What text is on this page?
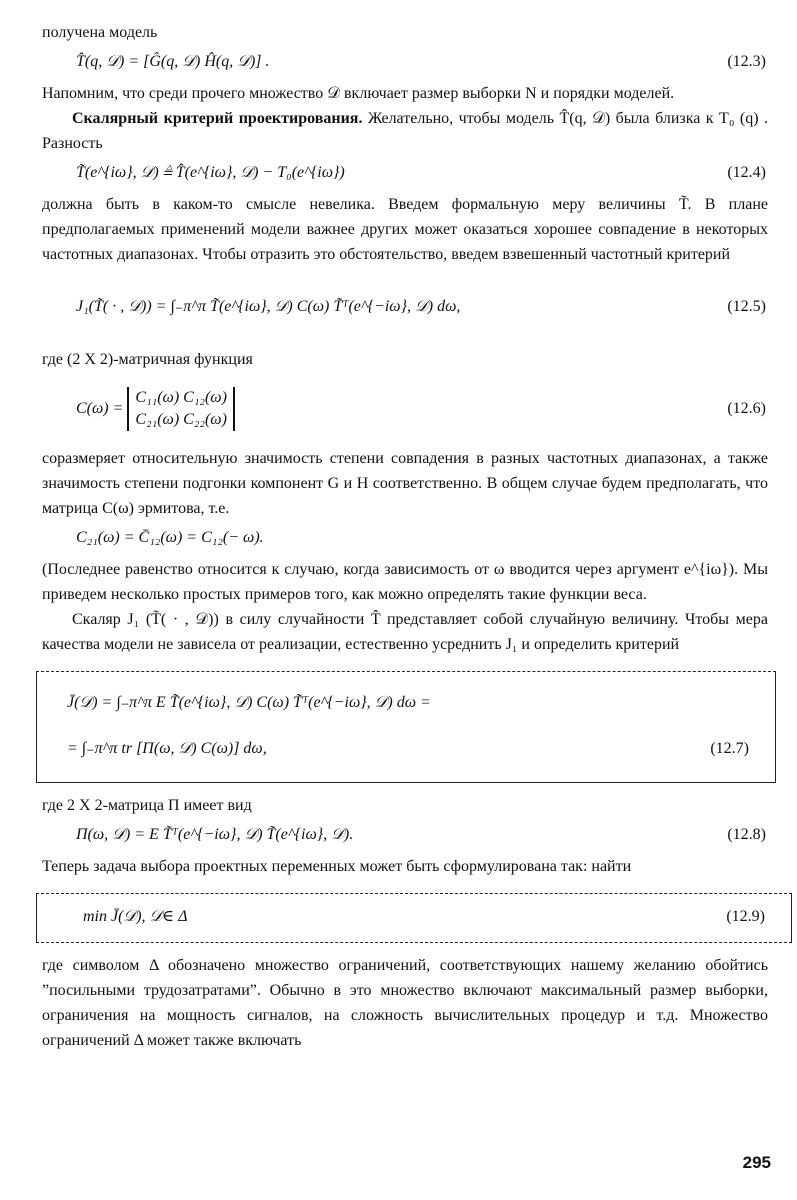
получена модель

T̂(q, 𝒟) = [Ĝ(q, 𝒟) Ĥ(q, 𝒟)] .	(12.3)

Напомним, что среди прочего множество 𝒟 включает размер выборки N и порядки моделей.

Скалярный критерий проектирования. Желательно, чтобы модель T̂(q, 𝒟) была близка к T₀ (q) . Разность

T̃(e^{iω}, 𝒟) ≜ T̂(e^{iω}, 𝒟) − T₀(e^{iω})	(12.4)

должна быть в каком-то смысле невелика. Введем формальную меру величины T̃. В плане предполагаемых применений модели важнее других может оказаться хорошее совпадение в некоторых частотных диапазонах. Чтобы отразить это обстоятельство, введем взвешенный частотный критерий

J₁(T̃( · , 𝒟)) = ∫₋π^π T̃(e^{iω}, 𝒟) C(ω) T̃ᵀ(e^{−iω}, 𝒟) dω,	(12.5)

где (2 X 2)-матричная функция

C(ω) =
C₁₁(ω) C₁₂(ω)
C₂₁(ω) C₂₂(ω)
(12.6)

соразмеряет относительную значимость степени совпадения в разных частотных диапазонах, а также значимость степени подгонки компонент G и H соответственно. В общем случае будем предполагать, что матрица C(ω) эрмитова, т.е.

C₂₁(ω) = C̄₁₂(ω) = C₁₂(− ω).

(Последнее равенство относится к случаю, когда зависимость от ω вводится через аргумент e^{iω}). Мы приведем несколько простых примеров того, как можно определять такие функции веса.

Скаляр J₁ (T̃( · , 𝒟)) в силу случайности T̂ представляет собой случайную величину. Чтобы мера качества модели не зависела от реализации, естественно усреднить J₁ и определить критерий

J̄(𝒟) = ∫₋π^π E T̃(e^{iω}, 𝒟) C(ω) T̃ᵀ(e^{−iω}, 𝒟) dω =
= ∫₋π^π tr [Π(ω, 𝒟) C(ω)] dω,	(12.7)

где 2 X 2-матрица Π имеет вид

Π(ω, 𝒟) = E T̃ᵀ(e^{−iω}, 𝒟) T̃(e^{iω}, 𝒟).	(12.8)

Теперь задача выбора проектных переменных может быть сформулирована так: найти

min J̄(𝒟), 𝒟∈ Δ	(12.9)

где символом Δ обозначено множество ограничений, соответствующих нашему желанию обойтись ”посильными трудозатратами”. Обычно в это множество включают максимальный размер выборки, ограничения на мощность сигналов, на сложность вычислительных процедур и т.д. Множество ограничений Δ может также включать

295
